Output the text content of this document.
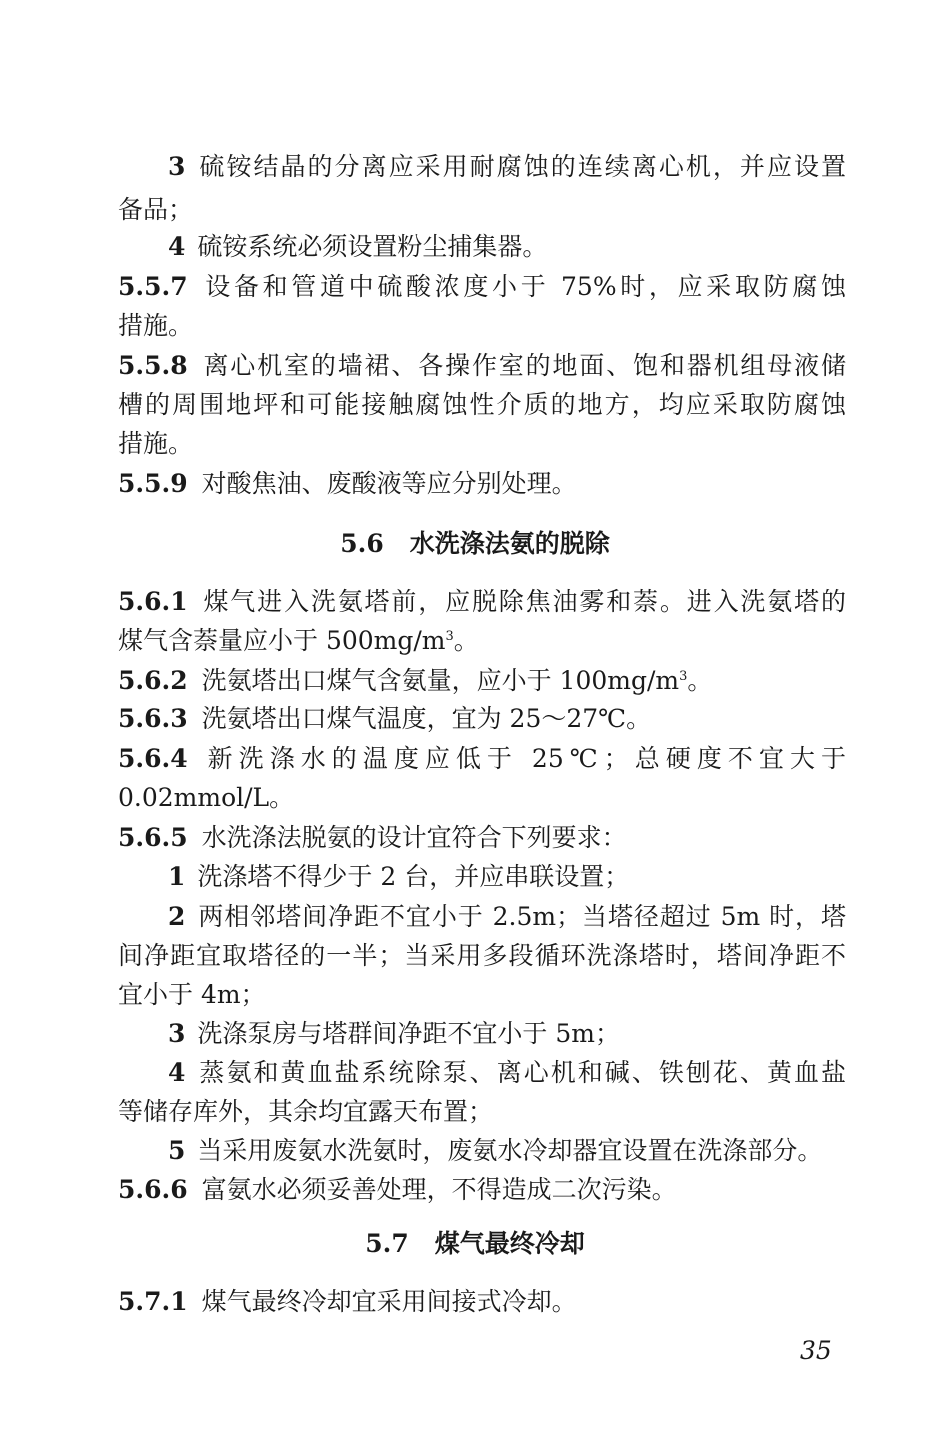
3 硫铵结晶的分离应采用耐腐蚀的连续离心机，并应设置
备品；
4 硫铵系统必须设置粉尘捕集器。
5.5.7 设备和管道中硫酸浓度小于 75%时，应采取防腐蚀
措施。
5.5.8 离心机室的墙裙、各操作室的地面、饱和器机组母液储
槽的周围地坪和可能接触腐蚀性介质的地方，均应采取防腐蚀
措施。
5.5.9 对酸焦油、废酸液等应分别处理。
5.6 水洗涤法氨的脱除
5.6.1 煤气进入洗氨塔前，应脱除焦油雾和萘。进入洗氨塔的
煤气含萘量应小于 $500mg/m^3$。
5.6.2 洗氨塔出口煤气含氨量，应小于 $100mg/m^3$。
5.6.3 洗氨塔出口煤气温度，宜为 25～27℃。
5.6.4 新洗涤水的温度应低于 25℃；总硬度不宜大于
0.02mmol/L。
5.6.5 水洗涤法脱氨的设计宜符合下列要求：
1 洗涤塔不得少于 2 台，并应串联设置；
2 两相邻塔间净距不宜小于 2.5m；当塔径超过 5m 时，塔
间净距宜取塔径的一半；当采用多段循环洗涤塔时，塔间净距不
宜小于 4m；
3 洗涤泵房与塔群间净距不宜小于 5m；
4 蒸氨和黄血盐系统除泵、离心机和碱、铁刨花、黄血盐
等储存库外，其余均宜露天布置；
5 当采用废氨水洗氨时，废氨水冷却器宜设置在洗涤部分。
5.6.6 富氨水必须妥善处理，不得造成二次污染。
5.7 煤气最终冷却
5.7.1 煤气最终冷却宜采用间接式冷却。
35
